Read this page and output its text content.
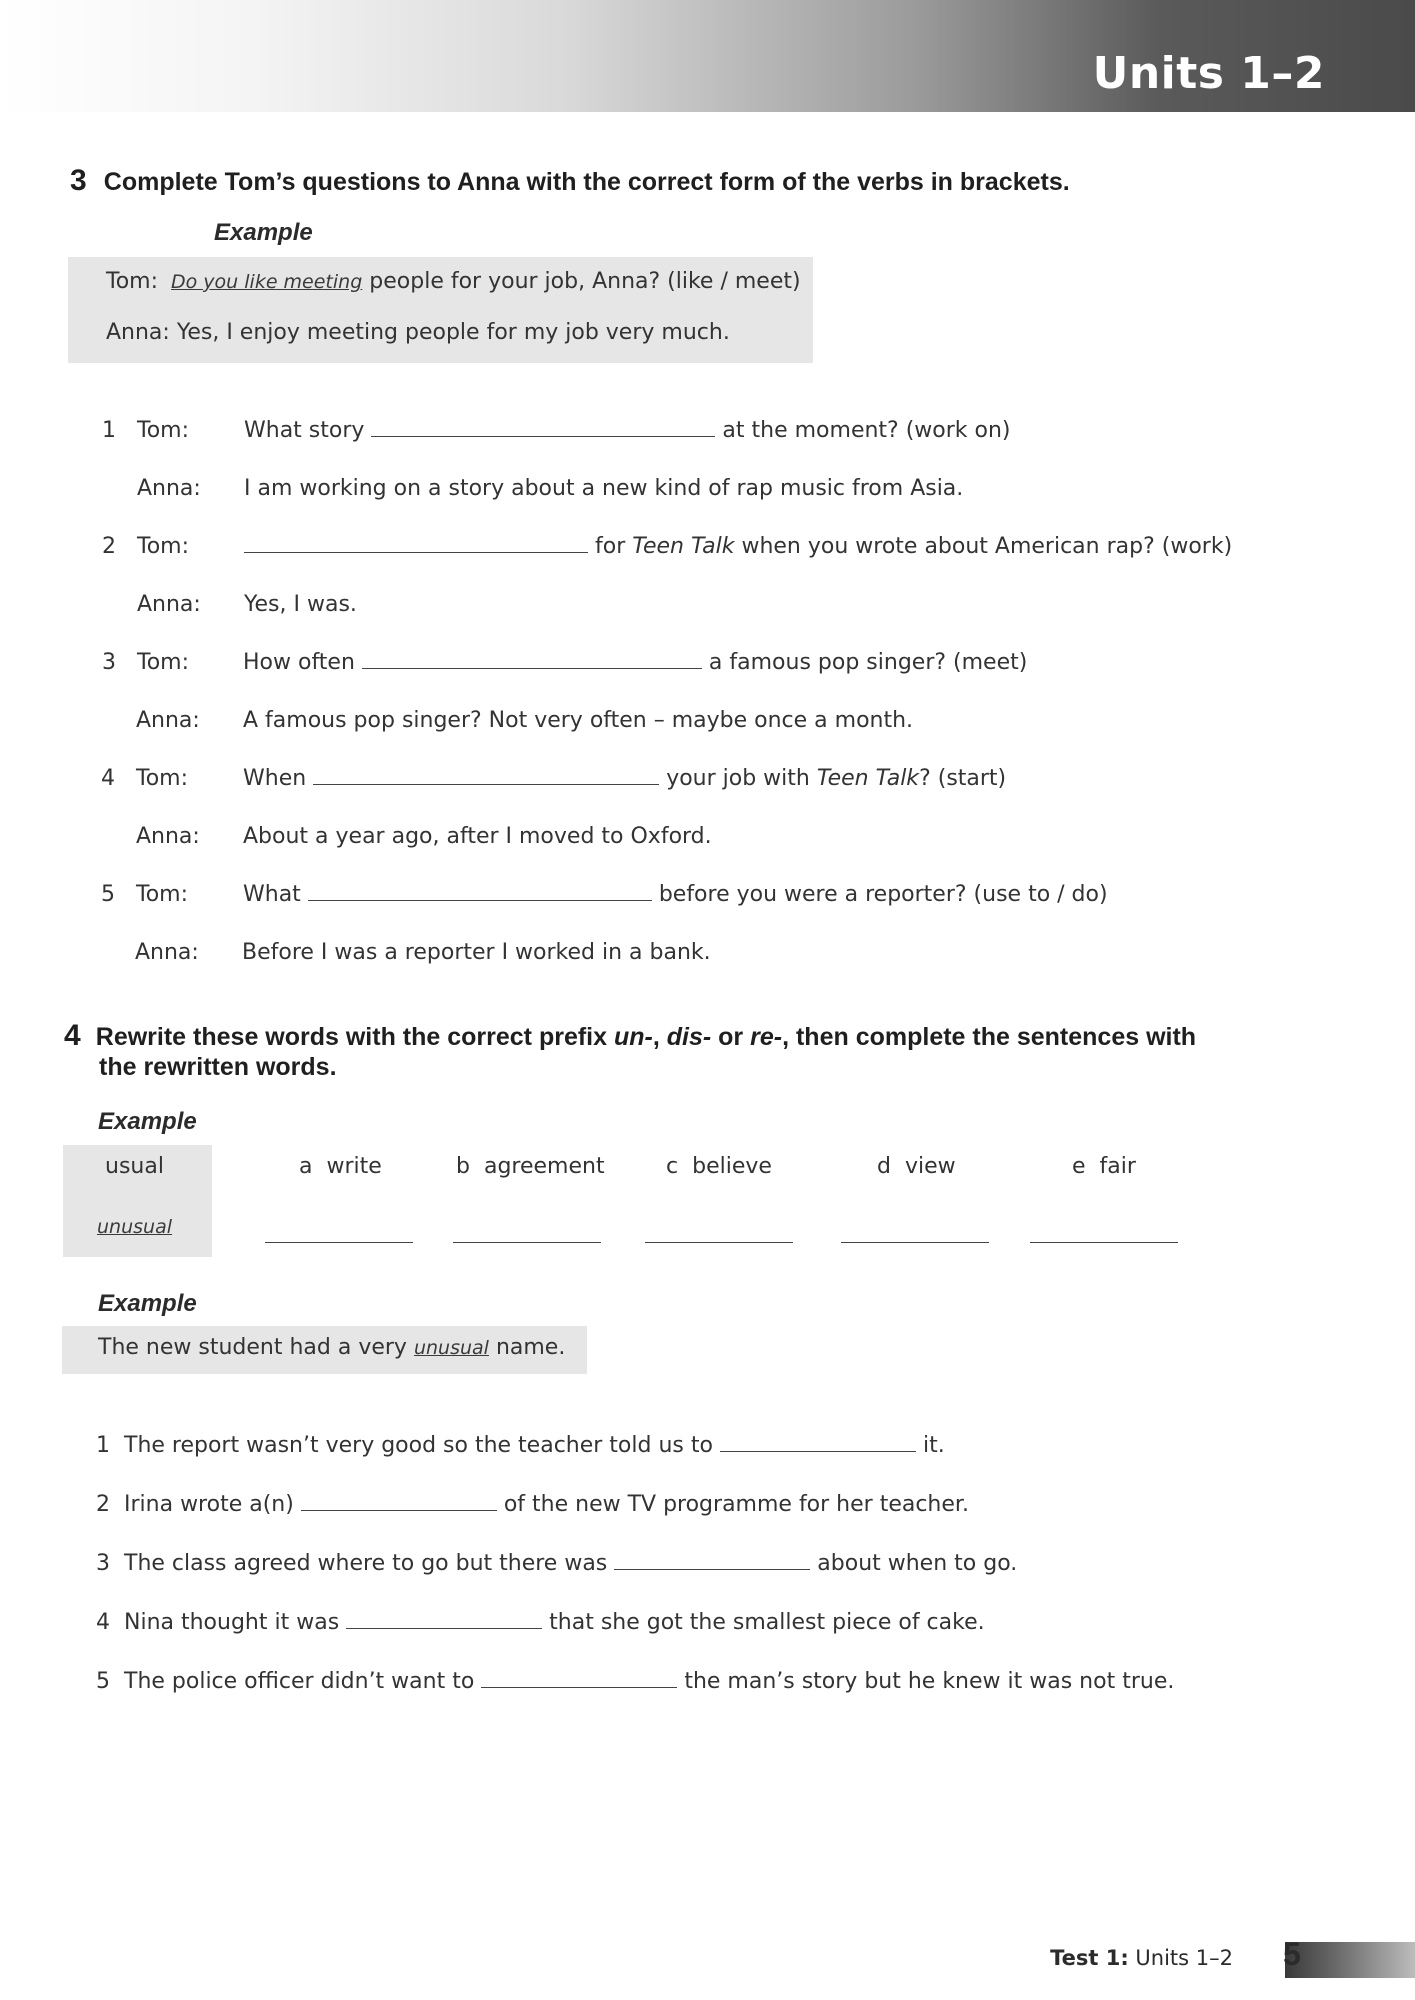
Units 1–2
3 Complete Tom’s questions to Anna with the correct form of the verbs in brackets.
Example
Tom: Do you like meeting people for your job, Anna? (like / meet)
Anna: Yes, I enjoy meeting people for my job very much.
1 Tom: What story	at the moment? (work on)
Anna: I am working on a story about a new kind of rap music from Asia.
2 Tom:	for Teen Talk when you wrote about American rap? (work)
Anna: Yes, I was.
3 Tom: How often	a famous pop singer? (meet)
Anna: A famous pop singer? Not very often – maybe once a month.
4 Tom: When	your job with Teen Talk? (start)
Anna: About a year ago, after I moved to Oxford.
5 Tom: What	before you were a reporter? (use to / do)
Anna: Before I was a reporter I worked in a bank.
4 Rewrite these words with the correct prefix un-, dis- or re-, then complete the sentences with
the rewritten words.
Example
usual
unusual
a write	b agreement	c believe	d view	e fair
Example
The new student had a very unusual name.
1 The report wasn’t very good so the teacher told us to	it.
2 Irina wrote a(n)	of the new TV programme for her teacher.
3 The class agreed where to go but there was	about when to go.
4 Nina thought it was	that she got the smallest piece of cake.
5 The police officer didn’t want to	the man’s story but he knew it was not true.
Test 1: Units 1–2 5
